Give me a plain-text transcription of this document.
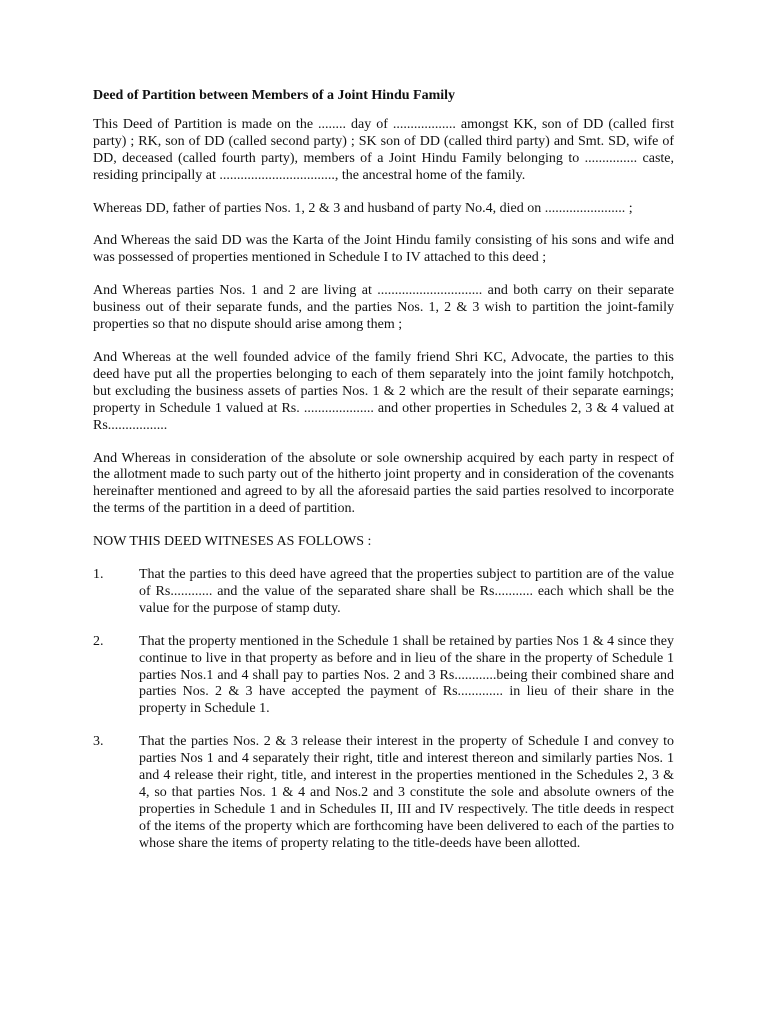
Deed of Partition between Members of a Joint Hindu Family
This Deed of Partition is made on the ........ day of .................. amongst KK, son of DD (called first party) ; RK, son of DD (called second party) ; SK son of DD (called third party) and Smt. SD, wife of DD, deceased (called fourth party), members of a Joint Hindu Family belonging to ............... caste, residing principally at ................................., the ancestral home of the family.
Whereas DD, father of parties Nos. 1, 2 & 3 and husband of party No.4, died on ....................... ;
And Whereas the said DD was the Karta of the Joint Hindu family consisting of his sons and wife and was possessed of properties mentioned in Schedule I to IV attached to this deed ;
And Whereas parties Nos. 1 and 2 are living at .............................. and both carry on their separate business out of their separate funds, and the parties Nos. 1, 2 & 3 wish to partition the joint-family properties so that no dispute should arise among them ;
And Whereas at the well founded advice of the family friend Shri KC, Advocate, the parties to this deed have put all the properties belonging to each of them separately into the joint family hotchpotch, but excluding the business assets of parties Nos. 1 & 2 which are the result of their separate earnings; property in Schedule 1 valued at Rs. .................... and other properties in Schedules 2, 3 & 4 valued at Rs.................
And Whereas in consideration of the absolute or sole ownership acquired by each party in respect of the allotment made to such party out of the hitherto joint property and in consideration of the covenants hereinafter mentioned and agreed to by all the aforesaid parties the said parties resolved to incorporate the terms of the partition in a deed of partition.
NOW THIS DEED WITNESES AS FOLLOWS :
1.	That the parties to this deed have agreed that the properties subject to partition are of the value of Rs............ and the value of the separated share shall be Rs........... each which shall be the value for the purpose of stamp duty.
2.	That the property mentioned in the Schedule 1 shall be retained by parties Nos 1 & 4 since they continue to live in that property as before and in lieu of the share in the property of Schedule 1 parties Nos.1 and 4 shall pay to parties Nos. 2 and 3 Rs............being their combined share and parties Nos. 2 & 3 have accepted the payment of Rs............. in lieu of their share in the property in Schedule 1.
3.	That the parties Nos. 2 & 3 release their interest in the property of Schedule I and convey to parties Nos 1 and 4 separately their right, title and interest thereon and similarly parties Nos. 1 and 4 release their right, title, and interest in the properties mentioned in the Schedules 2, 3 & 4, so that parties Nos. 1 & 4 and Nos.2 and 3 constitute the sole and absolute owners of the properties in Schedule 1 and in Schedules II, III and IV respectively. The title deeds in respect of the items of the property which are forthcoming have been delivered to each of the parties to whose share the items of property relating to the title-deeds have been allotted.
